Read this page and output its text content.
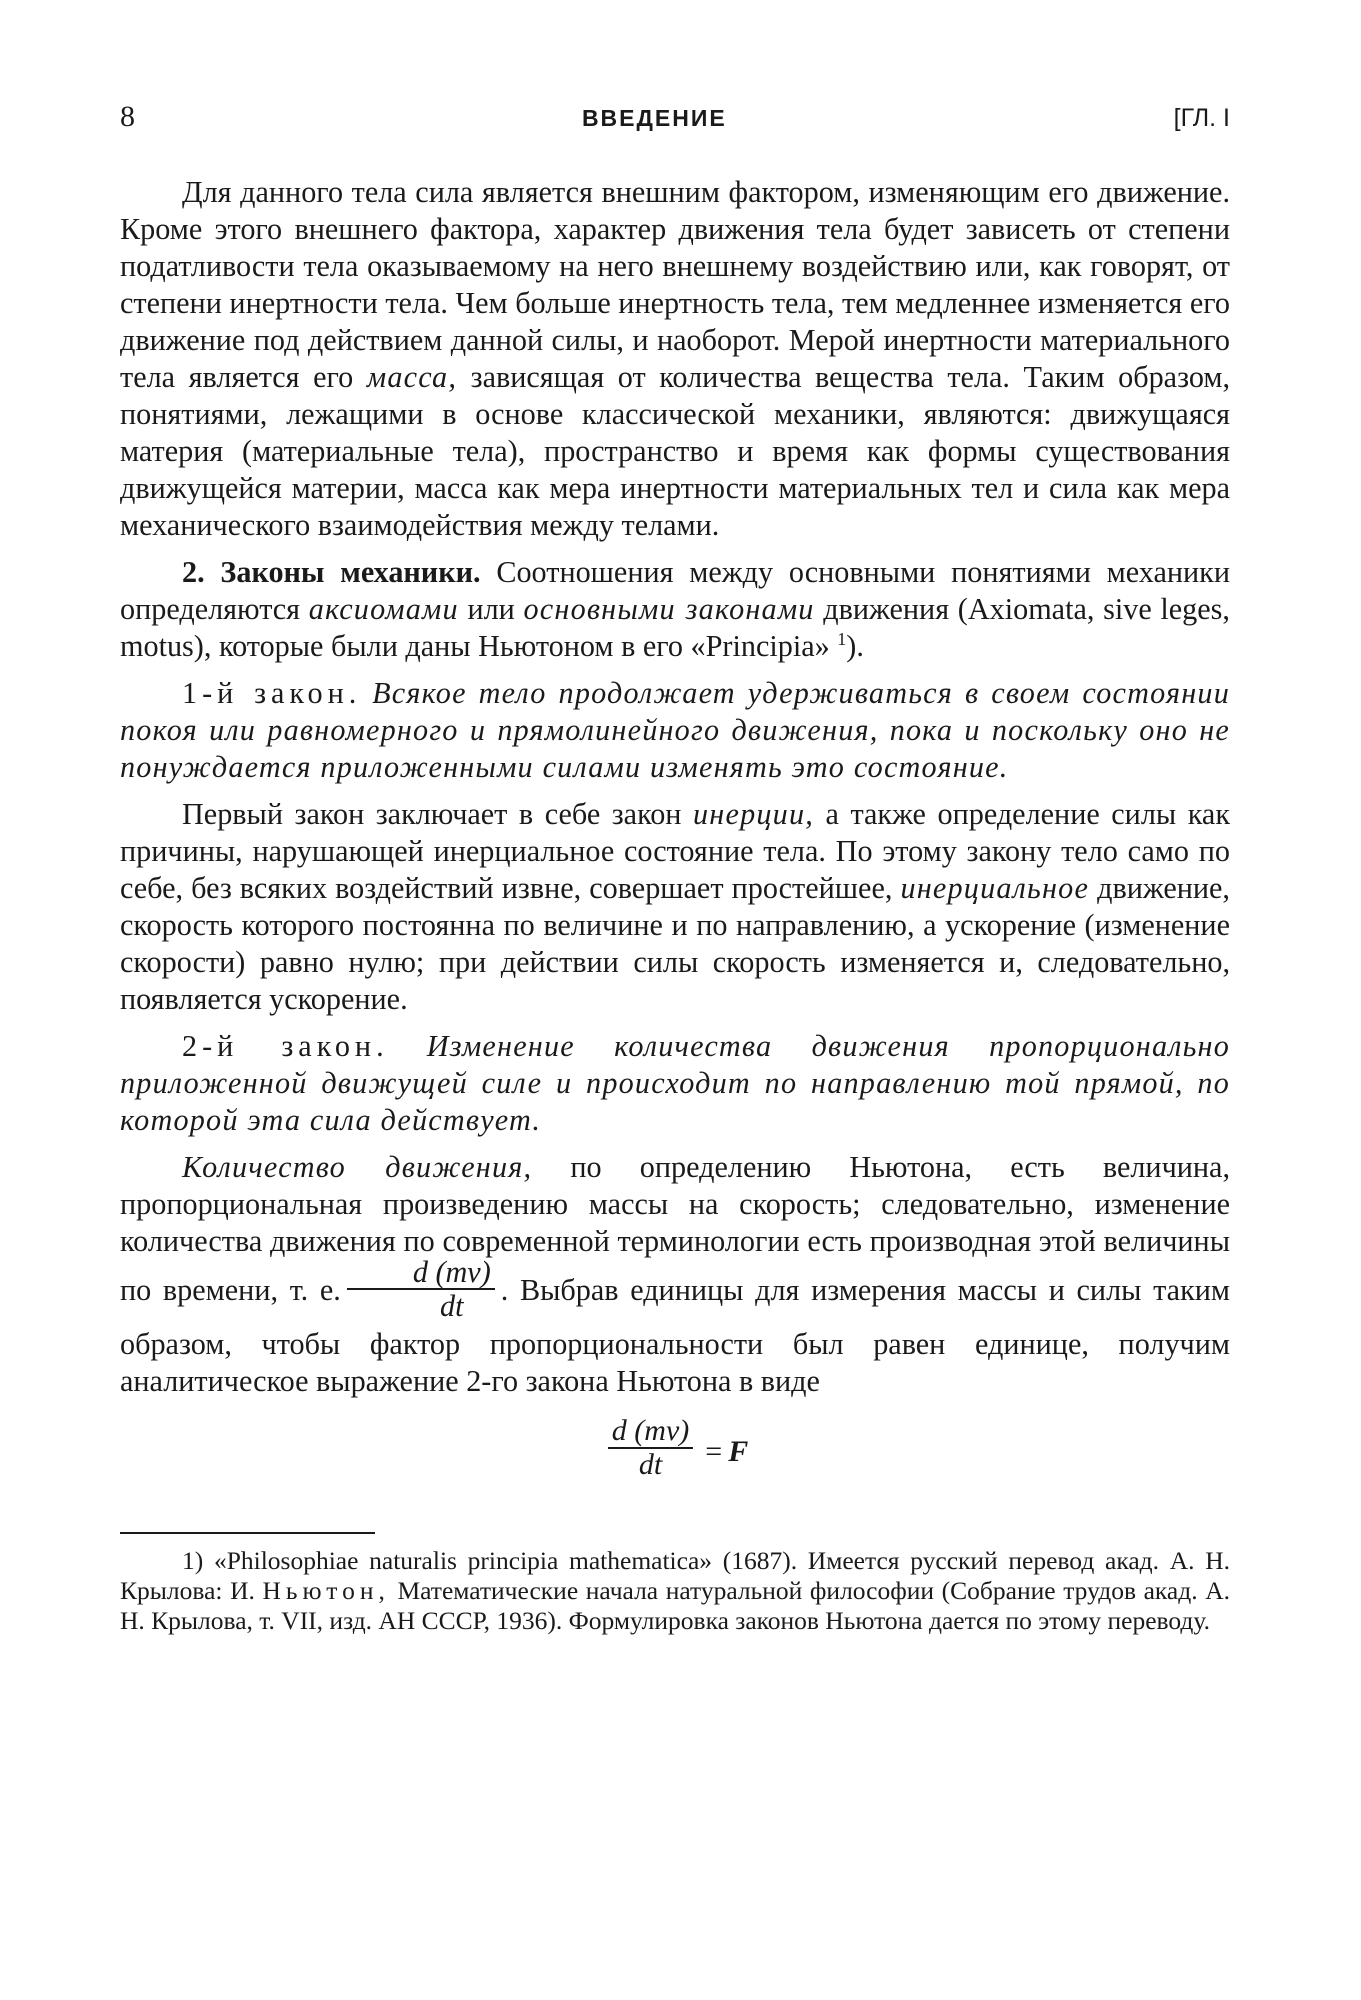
8	ВВЕДЕНИЕ	[ГЛ. I

Для данного тела сила является внешним фактором, изменяющим его движение. Кроме этого внешнего фактора, характер движения тела будет зависеть от степени податливости тела оказываемому на него внешнему воздействию или, как говорят, от степени инертности тела. Чем больше инертность тела, тем медленнее изменяется его движение под действием данной силы, и наоборот. Мерой инертности материального тела является его масса, зависящая от количества вещества тела. Таким образом, понятиями, лежащими в основе классической механики, являются: движущаяся материя (материальные тела), пространство и время как формы существования движущейся материи, масса как мера инертности материальных тел и сила как мера механического взаимодействия между телами.

2. Законы механики. Соотношения между основными понятиями механики определяются аксиомами или основными законами движения (Axiomata, sive leges, motus), которые были даны Ньютоном в его «Principia» $^1$).

1-й закон. Всякое тело продолжает удерживаться в своем состоянии покоя или равномерного и прямолинейного движения, пока и поскольку оно не понуждается приложенными силами изменять это состояние.

Первый закон заключает в себе закон инерции, а также определение силы как причины, нарушающей инерциальное состояние тела. По этому закону тело само по себе, без всяких воздействий извне, совершает простейшее, инерциальное движение, скорость которого постоянна по величине и по направлению, а ускорение (изменение скорости) равно нулю; при действии силы скорость изменяется и, следовательно, появляется ускорение.

2-й закон. Изменение количества движения пропорционально приложенной движущей силе и происходит по направлению той прямой, по которой эта сила действует.

Количество движения, по определению Ньютона, есть величина, пропорциональная произведению массы на скорость; следовательно, изменение количества движения по современной терминологии есть производная этой величины по времени, т. е. $\frac{d (mv)}{dt}$ . Выбрав единицы для измерения массы и силы таким образом, чтобы фактор пропорциональности был равен единице, получим аналитическое выражение 2-го закона Ньютона в виде

$\frac{d (mv)}{dt} = F$

1) «Philosophiae naturalis principia mathematica» (1687). Имеется русский перевод акад. А. Н. Крылова: И. Ньютон, Математические начала натуральной философии (Собрание трудов акад. А. Н. Крылова, т. VII, изд. АН СССР, 1936). Формулировка законов Ньютона дается по этому переводу.
